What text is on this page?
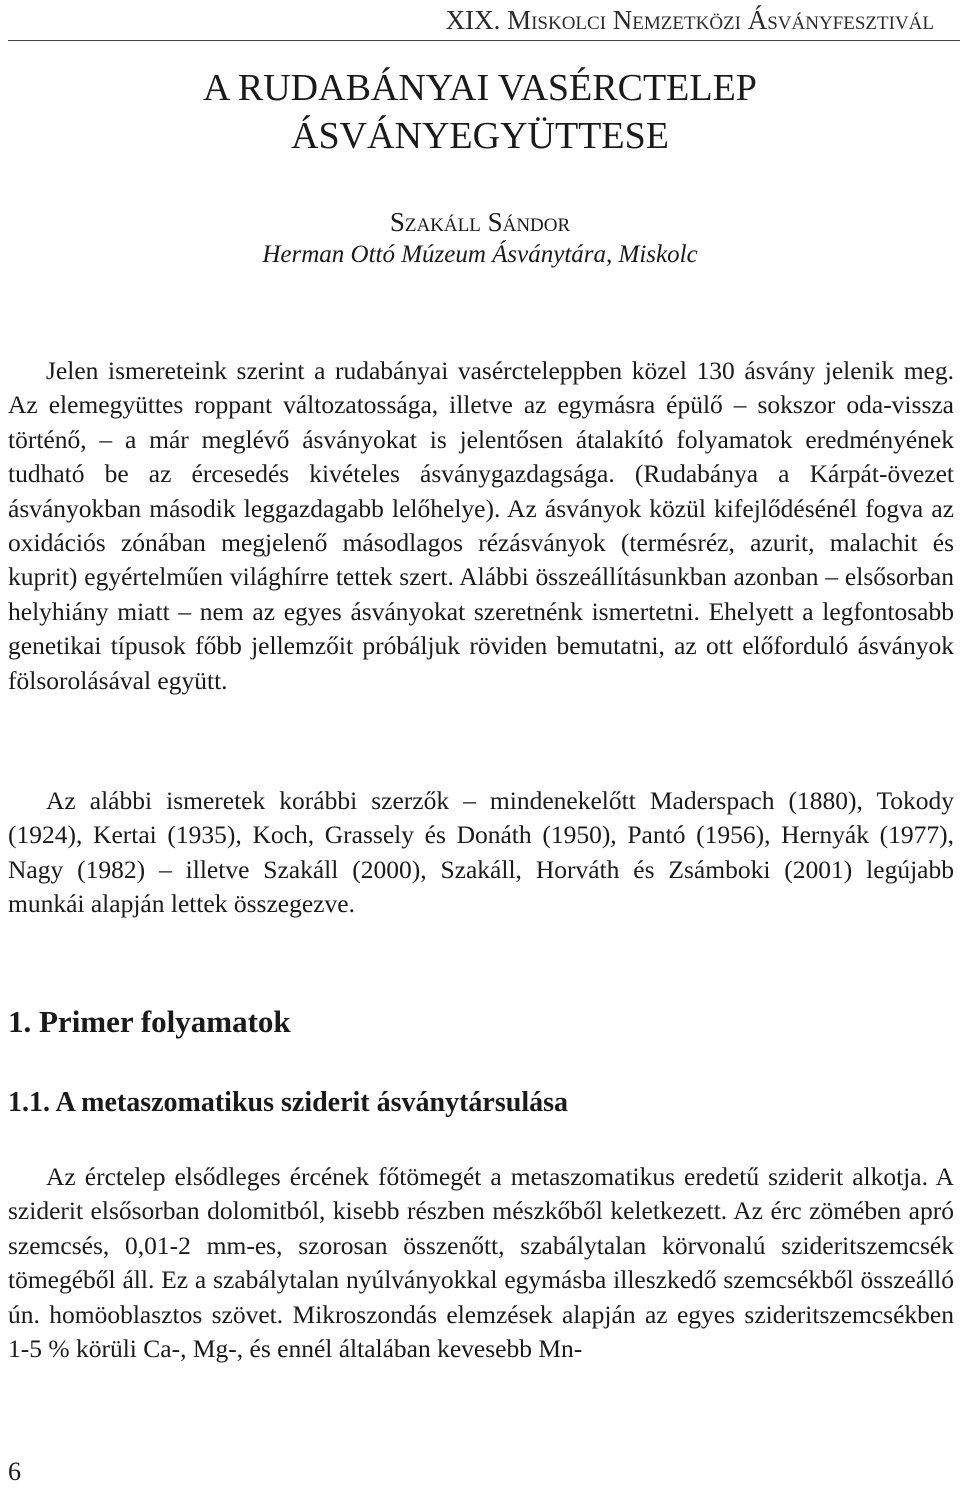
XIX. Miskolci Nemzetközi Ásványfesztivál
A RUDABÁNYAI VASÉRCTELEP
ÁSVÁNYEGYÜTTESE
Szakáll Sándor
Herman Ottó Múzeum Ásványtára, Miskolc

Jelen ismereteink szerint a rudabányai vasércteleppben közel 130 ásvány jelenik meg. Az elemegyüttes roppant változatossága, illetve az egymásra épülő – sokszor oda-vissza történő, – a már meglévő ásványokat is jelentősen átalakító folyamatok eredményének tudható be az ércesedés kivételes ásványgazdagsága. (Rudabánya a Kárpát-övezet ásványokban második leggazdagabb lelőhelye). Az ásványok közül kifejlődésénél fogva az oxidációs zónában megjelenő másodlagos rézásványok (termésréz, azurit, malachit és kuprit) egyértelműen világhírre tettek szert. Alábbi összeállításunkban azonban – elsősorban helyhiány miatt – nem az egyes ásványokat szeretnénk ismertetni. Ehelyett a legfontosabb genetikai típusok főbb jellemzőit próbáljuk röviden bemutatni, az ott előforduló ásványok fölsorolásával együtt.

Az alábbi ismeretek korábbi szerzők – mindenekelőtt Maderspach (1880), Tokody (1924), Kertai (1935), Koch, Grassely és Donáth (1950), Pantó (1956), Hernyák (1977), Nagy (1982) – illetve Szakáll (2000), Szakáll, Horváth és Zsámboki (2001) legújabb munkái alapján lettek összegezve.

1. Primer folyamatok
1.1. A metaszomatikus sziderit ásványtársulása

Az érctelep elsődleges ércének főtömegét a metaszomatikus eredetű sziderit alkotja. A sziderit elsősorban dolomitból, kisebb részben mészkőből keletkezett. Az érc zömében apró szemcsés, 0,01-2 mm-es, szorosan összenőtt, szabálytalan körvonalú szideritszemcsék tömegéből áll. Ez a szabálytalan nyúlványokkal egymásba illeszkedő szemcsékből összeálló ún. homöoblasztos szövet. Mikroszondás elemzések alapján az egyes szideritszemcsékben 1-5 % körüli Ca-, Mg-, és ennél általában kevesebb Mn-

6
